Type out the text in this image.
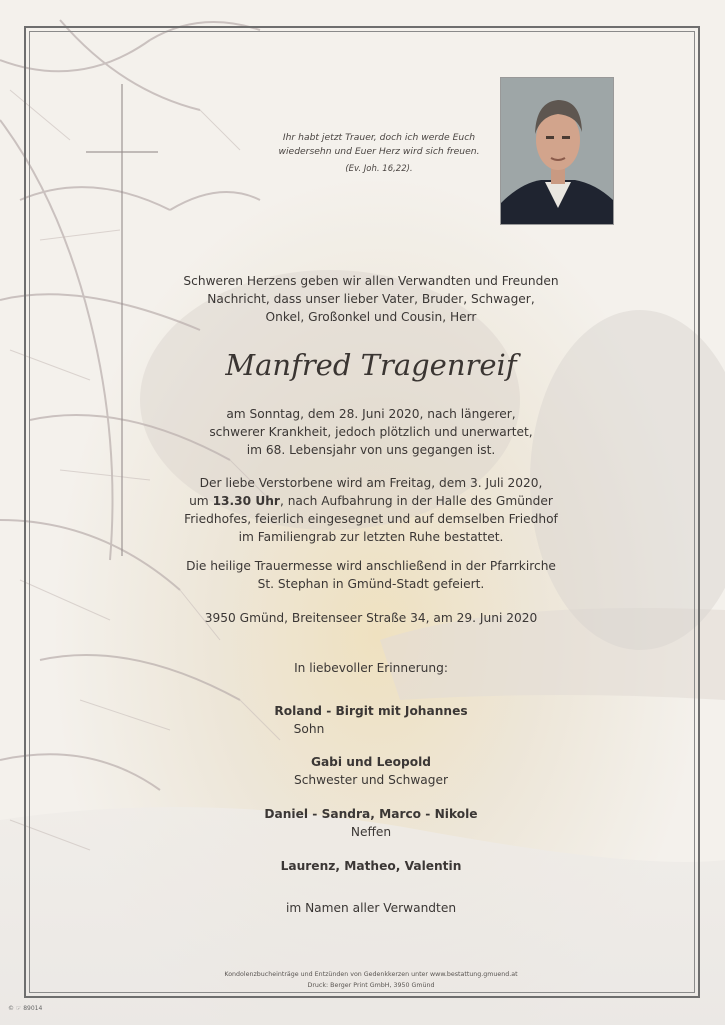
Ihr habt jetzt Trauer, doch ich werde Euch
wiedersehn und Euer Herz wird sich freuen.
(Ev. Joh. 16,22).
Schweren Herzens geben wir allen Verwandten und Freunden
Nachricht, dass unser lieber Vater, Bruder, Schwager,
Onkel, Großonkel und Cousin, Herr
Manfred Tragenreif
am Sonntag, dem 28. Juni 2020, nach längerer,
schwerer Krankheit, jedoch plötzlich und unerwartet,
im 68. Lebensjahr von uns gegangen ist.
Der liebe Verstorbene wird am Freitag, dem 3. Juli 2020,
um 13.30 Uhr, nach Aufbahrung in der Halle des Gmünder
Friedhofes, feierlich eingesegnet und auf demselben Friedhof
im Familiengrab zur letzten Ruhe bestattet.
Die heilige Trauermesse wird anschließend in der Pfarrkirche
St. Stephan in Gmünd-Stadt gefeiert.
3950 Gmünd, Breitenseer Straße 34, am 29. Juni 2020
In liebevoller Erinnerung:
Roland - Birgit mit Johannes
Sohn
Gabi und Leopold
Schwester und Schwager
Daniel - Sandra, Marco - Nikole
Neffen
Laurenz, Matheo, Valentin
im Namen aller Verwandten
Kondolenzbucheinträge und Entzünden von Gedenkkerzen unter www.bestattung.gmuend.at
Druck: Berger Print GmbH, 3950 Gmünd
© ☞ 89014
